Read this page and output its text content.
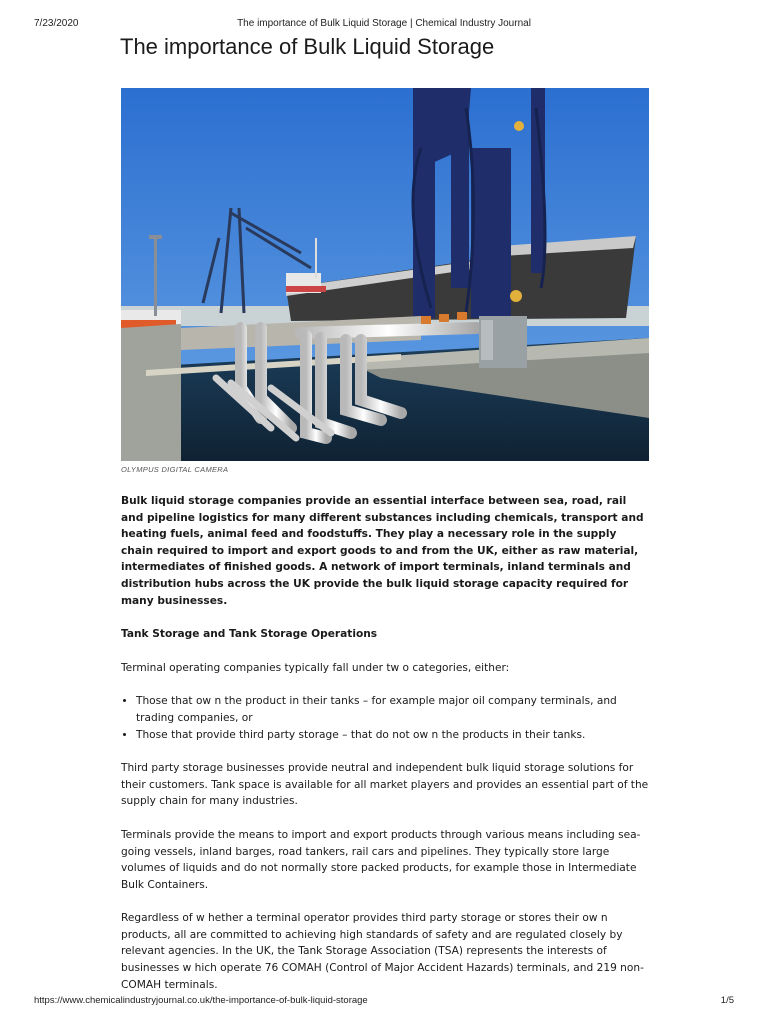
7/23/2020	The importance of Bulk Liquid Storage | Chemical Industry Journal
The importance of Bulk Liquid Storage
OLYMPUS DIGITAL CAMERA

Bulk liquid storage companies provide an essential interface between sea, road, rail and pipeline logistics for many different substances including chemicals, transport and heating fuels, animal feed and foodstuffs. They play a necessary role in the supply chain required to import and export goods to and from the UK, either as raw material, intermediates of finished goods. A network of import terminals, inland terminals and distribution hubs across the UK provide the bulk liquid storage capacity required for many businesses.

Tank Storage and Tank Storage Operations

Terminal operating companies typically fall under tw o categories, either:

• Those that ow n the product in their tanks – for example major oil company terminals, and trading companies, or
• Those that provide third party storage – that do not ow n the products in their tanks.

Third party storage businesses provide neutral and independent bulk liquid storage solutions for their customers. Tank space is available for all market players and provides an essential part of the supply chain for many industries.

Terminals provide the means to import and export products through various means including sea-going vessels, inland barges, road tankers, rail cars and pipelines. They typically store large volumes of liquids and do not normally store packed products, for example those in Intermediate Bulk Containers.

Regardless of w hether a terminal operator provides third party storage or stores their ow n products, all are committed to achieving high standards of safety and are regulated closely by relevant agencies. In the UK, the Tank Storage Association (TSA) represents the interests of businesses w hich operate 76 COMAH (Control of Major Accident Hazards) terminals, and 219 non-COMAH terminals.

https://www.chemicalindustryjournal.co.uk/the-importance-of-bulk-liquid-storage	1/5
